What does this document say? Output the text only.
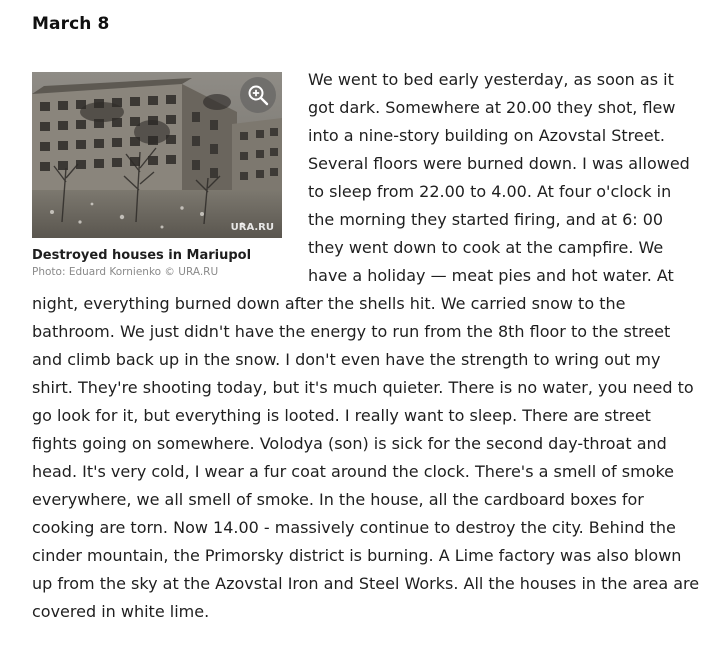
March 8
URA.RU
Destroyed houses in Mariupol
Photo: Eduard Kornienko © URA.RU

We went to bed early yesterday, as soon as it got dark. Somewhere at 20.00 they shot, flew into a nine-story building on Azovstal Street. Several floors were burned down. I was allowed to sleep from 22.00 to 4.00. At four o'clock in the morning they started firing, and at 6: 00 they went down to cook at the campfire. We have a holiday — meat pies and hot water. At night, everything burned down after the shells hit. We carried snow to the bathroom. We just didn't have the energy to run from the 8th floor to the street and climb back up in the snow. I don't even have the strength to wring out my shirt. They're shooting today, but it's much quieter. There is no water, you need to go look for it, but everything is looted. I really want to sleep. There are street fights going on somewhere. Volodya (son) is sick for the second day-throat and head. It's very cold, I wear a fur coat around the clock. There's a smell of smoke everywhere, we all smell of smoke. In the house, all the cardboard boxes for cooking are torn. Now 14.00 - massively continue to destroy the city. Behind the cinder mountain, the Primorsky district is burning. A Lime factory was also blown up from the sky at the Azovstal Iron and Steel Works. All the houses in the area are covered in white lime.
